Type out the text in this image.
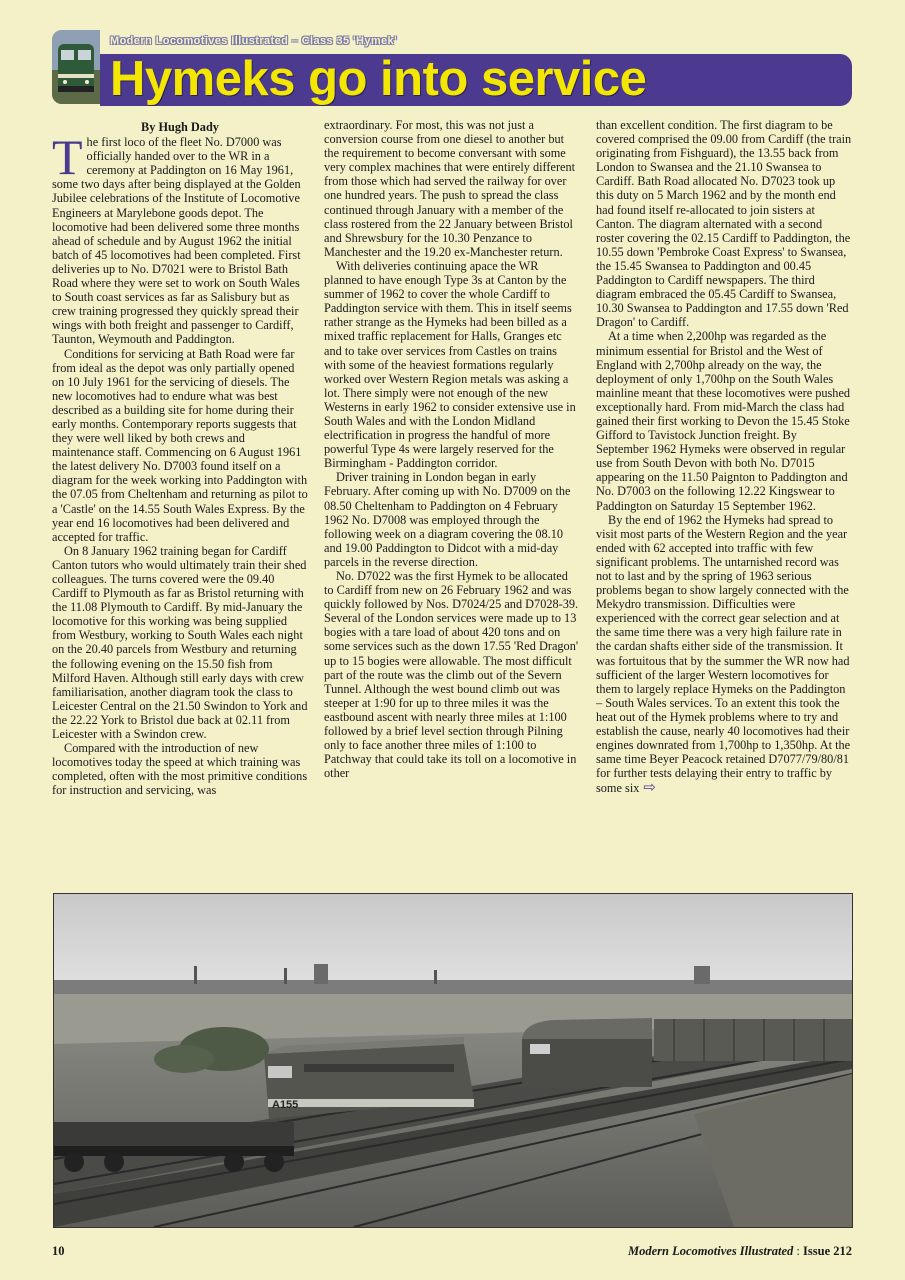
Modern Locomotives Illustrated – Class 35 'Hymek'
Hymeks go into service
By Hugh Dady

The first loco of the fleet No. D7000 was officially handed over to the WR in a ceremony at Paddington on 16 May 1961, some two days after being displayed at the Golden Jubilee celebrations of the Institute of Locomotive Engineers at Marylebone goods depot. The locomotive had been delivered some three months ahead of schedule and by August 1962 the initial batch of 45 locomotives had been completed. First deliveries up to No. D7021 were to Bristol Bath Road where they were set to work on South Wales to South coast services as far as Salisbury but as crew training progressed they quickly spread their wings with both freight and passenger to Cardiff, Taunton, Weymouth and Paddington.

Conditions for servicing at Bath Road were far from ideal as the depot was only partially opened on 10 July 1961 for the servicing of diesels. The new locomotives had to endure what was best described as a building site for home during their early months. Contemporary reports suggests that they were well liked by both crews and maintenance staff. Commencing on 6 August 1961 the latest delivery No. D7003 found itself on a diagram for the week working into Paddington with the 07.05 from Cheltenham and returning as pilot to a 'Castle' on the 14.55 South Wales Express. By the year end 16 locomotives had been delivered and accepted for traffic.

On 8 January 1962 training began for Cardiff Canton tutors who would ultimately train their shed colleagues. The turns covered were the 09.40 Cardiff to Plymouth as far as Bristol returning with the 11.08 Plymouth to Cardiff. By mid-January the locomotive for this working was being supplied from Westbury, working to South Wales each night on the 20.40 parcels from Westbury and returning the following evening on the 15.50 fish from Milford Haven. Although still early days with crew familiarisation, another diagram took the class to Leicester Central on the 21.50 Swindon to York and the 22.22 York to Bristol due back at 02.11 from Leicester with a Swindon crew.

Compared with the introduction of new locomotives today the speed at which training was completed, often with the most primitive conditions for instruction and servicing, was

extraordinary. For most, this was not just a conversion course from one diesel to another but the requirement to become conversant with some very complex machines that were entirely different from those which had served the railway for over one hundred years. The push to spread the class continued through January with a member of the class rostered from the 22 January between Bristol and Shrewsbury for the 10.30 Penzance to Manchester and the 19.20 ex-Manchester return.

With deliveries continuing apace the WR planned to have enough Type 3s at Canton by the summer of 1962 to cover the whole Cardiff to Paddington service with them. This in itself seems rather strange as the Hymeks had been billed as a mixed traffic replacement for Halls, Granges etc and to take over services from Castles on trains with some of the heaviest formations regularly worked over Western Region metals was asking a lot. There simply were not enough of the new Westerns in early 1962 to consider extensive use in South Wales and with the London Midland electrification in progress the handful of more powerful Type 4s were largely reserved for the Birmingham - Paddington corridor.

Driver training in London began in early February. After coming up with No. D7009 on the 08.50 Cheltenham to Paddington on 4 February 1962 No. D7008 was employed through the following week on a diagram covering the 08.10 and 19.00 Paddington to Didcot with a mid-day parcels in the reverse direction.

No. D7022 was the first Hymek to be allocated to Cardiff from new on 26 February 1962 and was quickly followed by Nos. D7024/25 and D7028-39. Several of the London services were made up to 13 bogies with a tare load of about 420 tons and on some services such as the down 17.55 'Red Dragon' up to 15 bogies were allowable. The most difficult part of the route was the climb out of the Severn Tunnel. Although the west bound climb out was steeper at 1:90 for up to three miles it was the eastbound ascent with nearly three miles at 1:100 followed by a brief level section through Pilning only to face another three miles of 1:100 to Patchway that could take its toll on a locomotive in other

than excellent condition. The first diagram to be covered comprised the 09.00 from Cardiff (the train originating from Fishguard), the 13.55 back from London to Swansea and the 21.10 Swansea to Cardiff. Bath Road allocated No. D7023 took up this duty on 5 March 1962 and by the month end had found itself re-allocated to join sisters at Canton. The diagram alternated with a second roster covering the 02.15 Cardiff to Paddington, the 10.55 down 'Pembroke Coast Express' to Swansea, the 15.45 Swansea to Paddington and 00.45 Paddington to Cardiff newspapers. The third diagram embraced the 05.45 Cardiff to Swansea, 10.30 Swansea to Paddington and 17.55 down 'Red Dragon' to Cardiff.

At a time when 2,200hp was regarded as the minimum essential for Bristol and the West of England with 2,700hp already on the way, the deployment of only 1,700hp on the South Wales mainline meant that these locomotives were pushed exceptionally hard. From mid-March the class had gained their first working to Devon the 15.45 Stoke Gifford to Tavistock Junction freight. By September 1962 Hymeks were observed in regular use from South Devon with both No. D7015 appearing on the 11.50 Paignton to Paddington and No. D7003 on the following 12.22 Kingswear to Paddington on Saturday 15 September 1962.

By the end of 1962 the Hymeks had spread to visit most parts of the Western Region and the year ended with 62 accepted into traffic with few significant problems. The untarnished record was not to last and by the spring of 1963 serious problems began to show largely connected with the Mekydro transmission. Difficulties were experienced with the correct gear selection and at the same time there was a very high failure rate in the cardan shafts either side of the transmission. It was fortuitous that by the summer the WR now had sufficient of the larger Western locomotives for them to largely replace Hymeks on the Paddington – South Wales services. To an extent this took the heat out of the Hymek problems where to try and establish the cause, nearly 40 locomotives had their engines downrated from 1,700hp to 1,350hp. At the same time Beyer Peacock retained D7077/79/80/81 for further tests delaying their entry to traffic by some six ⇨

A155
10	Modern Locomotives Illustrated : Issue 212
